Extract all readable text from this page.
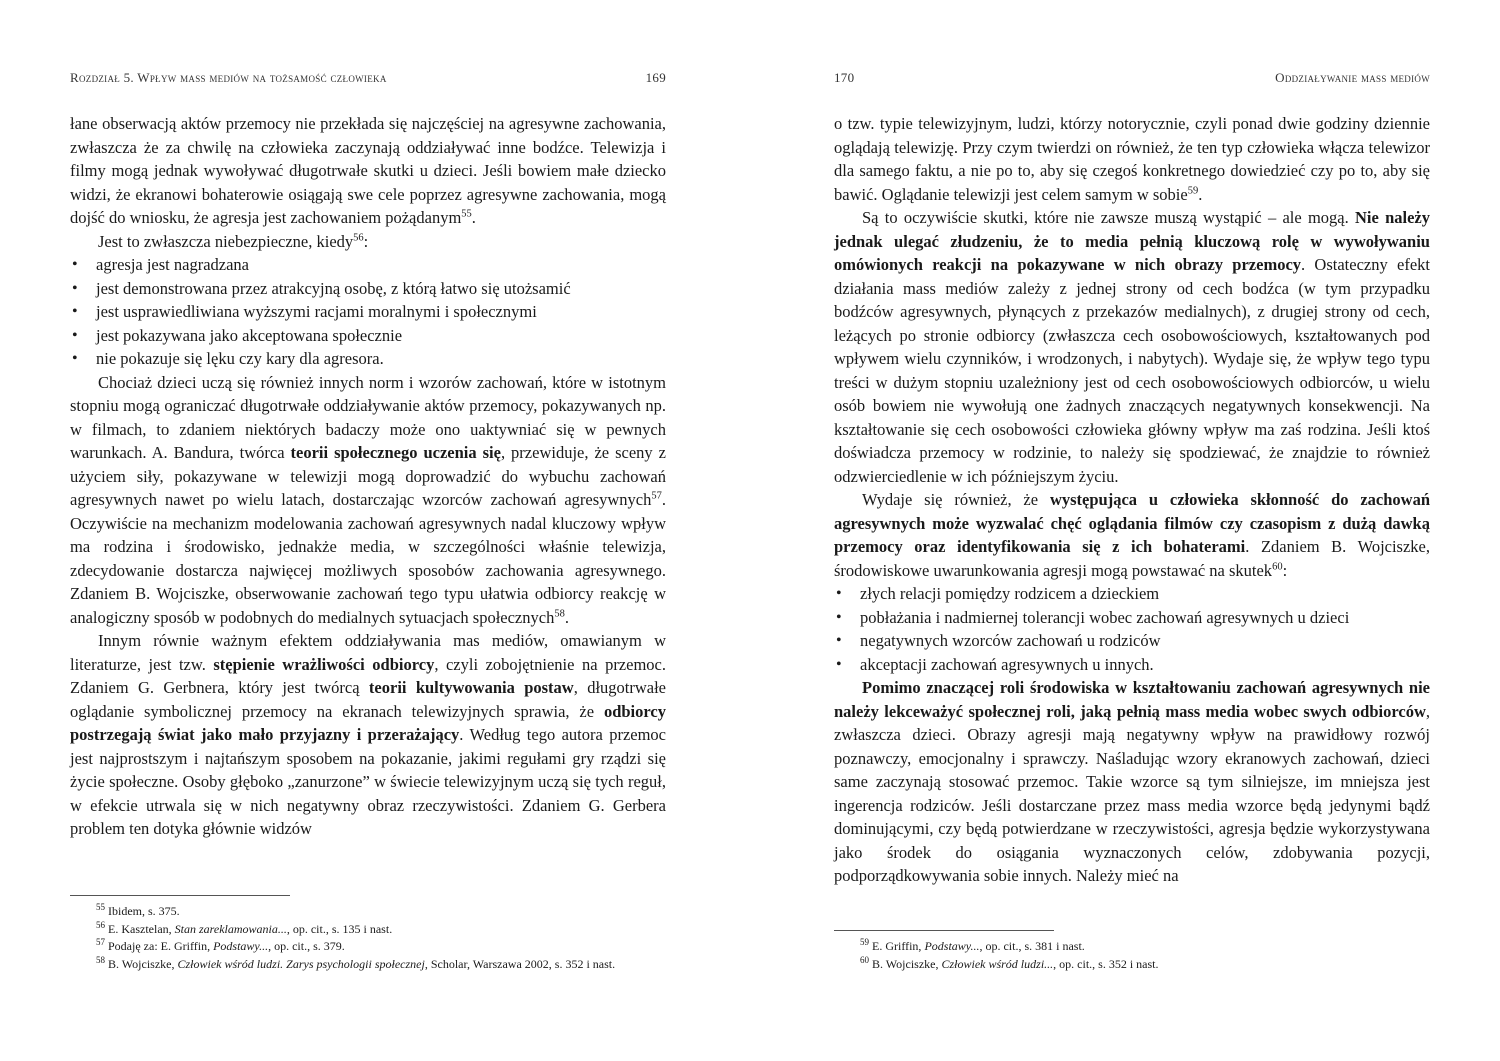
Rozdział 5. Wpływ mass mediów na tożsamość człowieka	169

łane obserwacją aktów przemocy nie przekłada się najczęściej na agresywne zachowania, zwłaszcza że za chwilę na człowieka zaczynają oddziaływać inne bodźce. Telewizja i filmy mogą jednak wywoływać długotrwałe skutki u dzieci. Jeśli bowiem małe dziecko widzi, że ekranowi bohaterowie osiągają swe cele poprzez agresywne zachowania, mogą dojść do wniosku, że agresja jest zachowaniem pożądanym$^{55}$.

Jest to zwłaszcza niebezpieczne, kiedy$^{56}$:

• agresja jest nagradzana
• jest demonstrowana przez atrakcyjną osobę, z którą łatwo się utożsamić
• jest usprawiedliwiana wyższymi racjami moralnymi i społecznymi
• jest pokazywana jako akceptowana społecznie
• nie pokazuje się lęku czy kary dla agresora.

Chociaż dzieci uczą się również innych norm i wzorów zachowań, które w istotnym stopniu mogą ograniczać długotrwałe oddziaływanie aktów przemocy, pokazywanych np. w filmach, to zdaniem niektórych badaczy może ono uaktywniać się w pewnych warunkach. A. Bandura, twórca teorii społecznego uczenia się, przewiduje, że sceny z użyciem siły, pokazywane w telewizji mogą doprowadzić do wybuchu zachowań agresywnych nawet po wielu latach, dostarczając wzorców zachowań agresywnych$^{57}$. Oczywiście na mechanizm modelowania zachowań agresywnych nadal kluczowy wpływ ma rodzina i środowisko, jednakże media, w szczególności właśnie telewizja, zdecydowanie dostarcza najwięcej możliwych sposobów zachowania agresywnego. Zdaniem B. Wojciszke, obserwowanie zachowań tego typu ułatwia odbiorcy reakcję w analogiczny sposób w podobnych do medialnych sytuacjach społecznych$^{58}$.

Innym równie ważnym efektem oddziaływania mas mediów, omawianym w literaturze, jest tzw. stępienie wrażliwości odbiorcy, czyli zobojętnienie na przemoc. Zdaniem G. Gerbnera, który jest twórcą teorii kultywowania postaw, długotrwałe oglądanie symbolicznej przemocy na ekranach telewizyjnych sprawia, że odbiorcy postrzegają świat jako mało przyjazny i przerażający. Według tego autora przemoc jest najprostszym i najtańszym sposobem na pokazanie, jakimi regułami gry rządzi się życie społeczne. Osoby głęboko „zanurzone” w świecie telewizyjnym uczą się tych reguł, w efekcie utrwala się w nich negatywny obraz rzeczywistości. Zdaniem G. Gerbera problem ten dotyka głównie widzów

$^{55}$ Ibidem, s. 375.

$^{56}$ E. Kasztelan, Stan zareklamowania..., op. cit., s. 135 i nast.

$^{57}$ Podaję za: E. Griffin, Podstawy..., op. cit., s. 379.

$^{58}$ B. Wojciszke, Człowiek wśród ludzi. Zarys psychologii społecznej, Scholar, Warszawa 2002, s. 352 i nast.

170	Oddziaływanie mass mediów

o tzw. typie telewizyjnym, ludzi, którzy notorycznie, czyli ponad dwie godziny dziennie oglądają telewizję. Przy czym twierdzi on również, że ten typ człowieka włącza telewizor dla samego faktu, a nie po to, aby się czegoś konkretnego dowiedzieć czy po to, aby się bawić. Oglądanie telewizji jest celem samym w sobie$^{59}$.

Są to oczywiście skutki, które nie zawsze muszą wystąpić – ale mogą. Nie należy jednak ulegać złudzeniu, że to media pełnią kluczową rolę w wywoływaniu omówionych reakcji na pokazywane w nich obrazy przemocy. Ostateczny efekt działania mass mediów zależy z jednej strony od cech bodźca (w tym przypadku bodźców agresywnych, płynących z przekazów medialnych), z drugiej strony od cech, leżących po stronie odbiorcy (zwłaszcza cech osobowościowych, kształtowanych pod wpływem wielu czynników, i wrodzonych, i nabytych). Wydaje się, że wpływ tego typu treści w dużym stopniu uzależniony jest od cech osobowościowych odbiorców, u wielu osób bowiem nie wywołują one żadnych znaczących negatywnych konsekwencji. Na kształtowanie się cech osobowości człowieka główny wpływ ma zaś rodzina. Jeśli ktoś doświadcza przemocy w rodzinie, to należy się spodziewać, że znajdzie to również odzwierciedlenie w ich późniejszym życiu.

Wydaje się również, że występująca u człowieka skłonność do zachowań agresywnych może wyzwalać chęć oglądania filmów czy czasopism z dużą dawką przemocy oraz identyfikowania się z ich bohaterami. Zdaniem B. Wojciszke, środowiskowe uwarunkowania agresji mogą powstawać na skutek$^{60}$:

• złych relacji pomiędzy rodzicem a dzieckiem
• pobłażania i nadmiernej tolerancji wobec zachowań agresywnych u dzieci
• negatywnych wzorców zachowań u rodziców
• akceptacji zachowań agresywnych u innych.

Pomimo znaczącej roli środowiska w kształtowaniu zachowań agresywnych nie należy lekceważyć społecznej roli, jaką pełnią mass media wobec swych odbiorców, zwłaszcza dzieci. Obrazy agresji mają negatywny wpływ na prawidłowy rozwój poznawczy, emocjonalny i sprawczy. Naśladując wzory ekranowych zachowań, dzieci same zaczynają stosować przemoc. Takie wzorce są tym silniejsze, im mniejsza jest ingerencja rodziców. Jeśli dostarczane przez mass media wzorce będą jedynymi bądź dominującymi, czy będą potwierdzane w rzeczywistości, agresja będzie wykorzystywana jako środek do osiągania wyznaczonych celów, zdobywania pozycji, podporządkowywania sobie innych. Należy mieć na

$^{59}$ E. Griffin, Podstawy..., op. cit., s. 381 i nast.

$^{60}$ B. Wojciszke, Człowiek wśród ludzi..., op. cit., s. 352 i nast.
